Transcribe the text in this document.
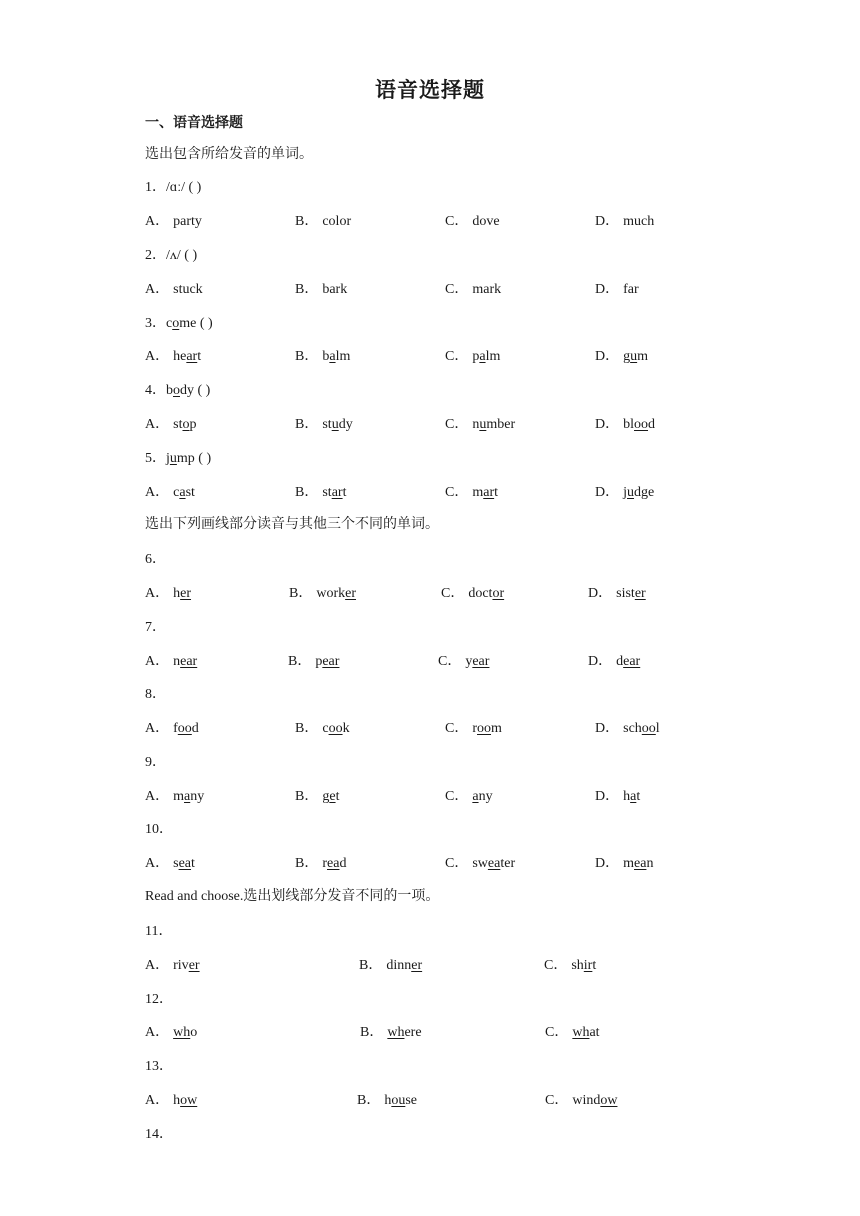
语音选择题
一、语音选择题
选出包含所给发音的单词。
选出下列画线部分读音与其他三个不同的单词。
Read and choose.选出划线部分发音不同的一项。
1．/ɑː/ ( )
A． party	B． color	C． dove	D． much
2．/ʌ/ ( )
A． stuck	B． bark	C． mark	D． far
3．come ( )
A． heart	B． balm	C． palm	D． gum
4．body ( )
A． stop	B． study	C． number	D． blood
5．jump ( )
A． cast	B． start	C． mart	D． judge
6．
A． her	B． worker	C． doctor	D． sister
7．
A． near	B． pear	C． year	D． dear
8．
A． food	B． cook	C． room	D． school
9．
A． many	B． get	C． any	D． hat
10．
A． seat	B． read	C． sweater	D． mean
11．
A． river	B． dinner	C． shirt
12．
A． who	B． where	C． what
13．
A． how	B． house	C． window
14．
